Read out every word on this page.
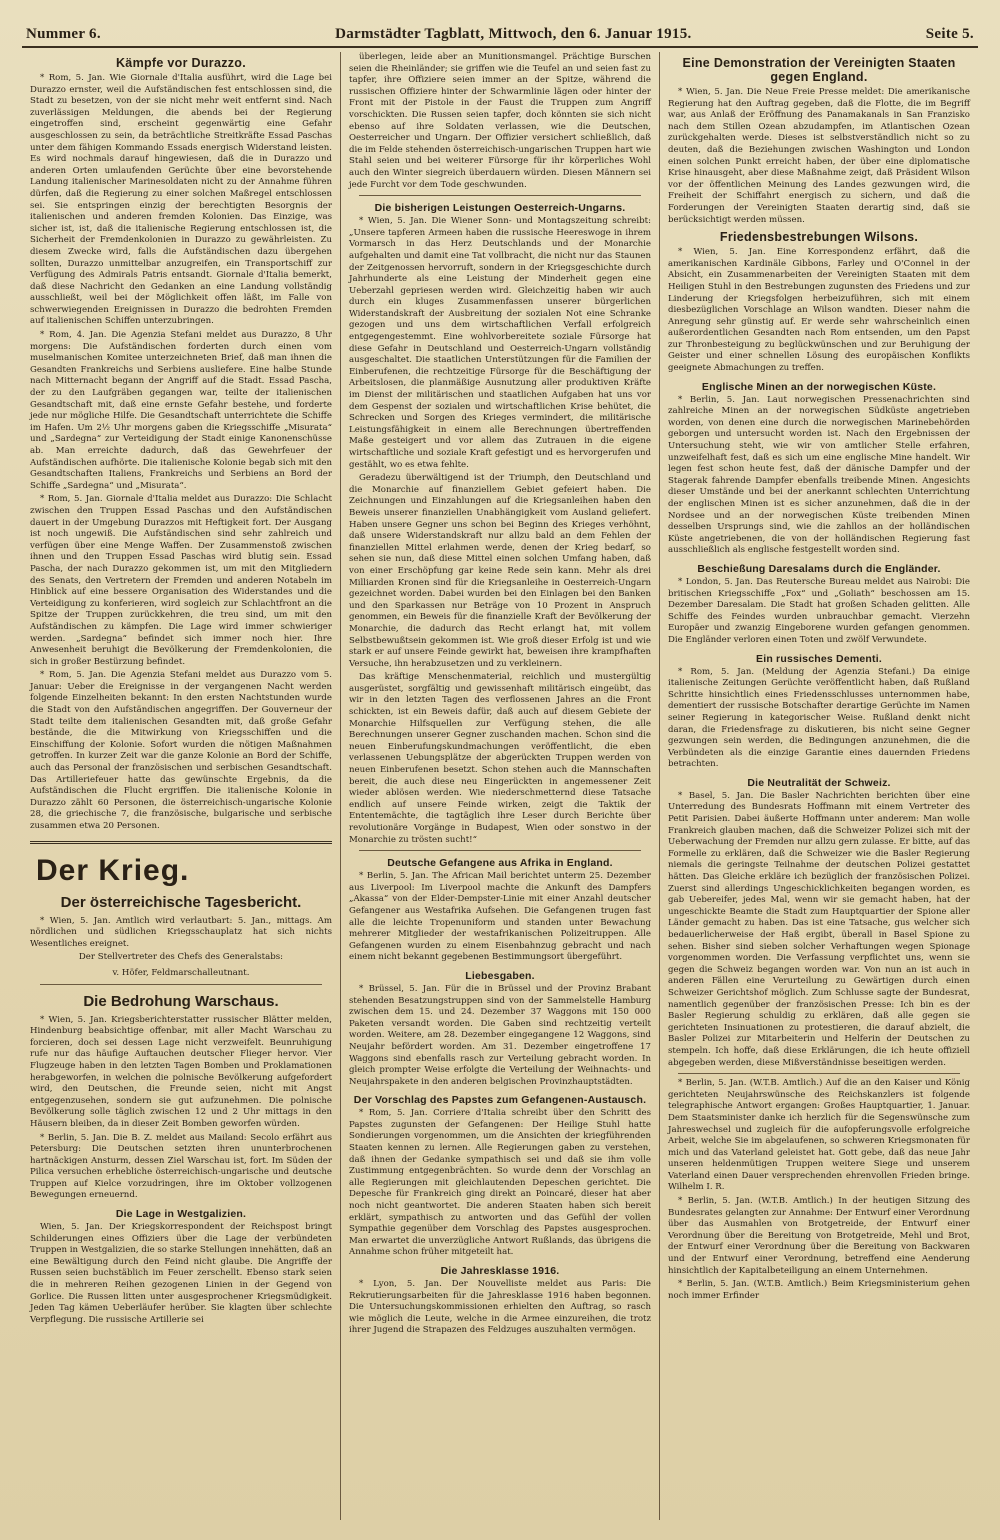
Nummer 6.	Darmstädter Tagblatt, Mittwoch, den 6. Januar 1915.	Seite 5.
Kämpfe vor Durazzo.

* Rom, 5. Jan. Wie Giornale d'Italia ausführt, wird die Lage bei Durazzo ernster, weil die Aufständischen fest entschlossen sind, die Stadt zu besetzen, von der sie nicht mehr weit entfernt sind. Nach zuverlässigen Meldungen, die abends bei der Regierung eingetroffen sind, erscheint gegenwärtig eine Gefahr ausgeschlossen zu sein, da beträchtliche Streitkräfte Essad Paschas unter dem fähigen Kommando Essads energisch Widerstand leisten. Es wird nochmals darauf hingewiesen, daß die in Durazzo und anderen Orten umlaufenden Gerüchte über eine bevorstehende Landung italienischer Marinesoldaten nicht zu der Annahme führen dürfen, daß die Regierung zu einer solchen Maßregel entschlossen sei. Sie entspringen einzig der berechtigten Besorgnis der italienischen und anderen fremden Kolonien. Das Einzige, was sicher ist, ist, daß die italienische Regierung entschlossen ist, die Sicherheit der Fremdenkolonien in Durazzo zu gewährleisten. Zu diesem Zwecke wird, falls die Aufständischen dazu übergehen sollten, Durazzo unmittelbar anzugreifen, ein Transportschiff zur Verfügung des Admirals Patris entsandt. Giornale d'Italia bemerkt, daß diese Nachricht den Gedanken an eine Landung vollständig ausschließt, weil bei der Möglichkeit offen läßt, im Falle von schwerwiegenden Ereignissen in Durazzo die bedrohten Fremden auf italienischen Schiffen unterzubringen.

* Rom, 4. Jan. Die Agenzia Stefani meldet aus Durazzo, 8 Uhr morgens: Die Aufständischen forderten durch einen vom muselmanischen Komitee unterzeichneten Brief, daß man ihnen die Gesandten Frankreichs und Serbiens ausliefere. Eine halbe Stunde nach Mitternacht begann der Angriff auf die Stadt. Essad Pascha, der zu den Laufgräben gegangen war, teilte der italienischen Gesandtschaft mit, daß eine ernste Gefahr bestehe, und forderte jede nur mögliche Hilfe. Die Gesandtschaft unterrichtete die Schiffe im Hafen. Um 2½ Uhr morgens gaben die Kriegsschiffe „Misurata“ und „Sardegna“ zur Verteidigung der Stadt einige Kanonenschüsse ab. Man erreichte dadurch, daß das Gewehrfeuer der Aufständischen aufhörte. Die italienische Kolonie begab sich mit den Gesandtschaften Italiens, Frankreichs und Serbiens an Bord der Schiffe „Sardegna“ und „Misurata“.

* Rom, 5. Jan. Giornale d'Italia meldet aus Durazzo: Die Schlacht zwischen den Truppen Essad Paschas und den Aufständischen dauert in der Umgebung Durazzos mit Heftigkeit fort. Der Ausgang ist noch ungewiß. Die Aufständischen sind sehr zahlreich und verfügen über eine Menge Waffen. Der Zusammenstoß zwischen ihnen und den Truppen Essad Paschas wird blutig sein. Essad Pascha, der nach Durazzo gekommen ist, um mit den Mitgliedern des Senats, den Vertretern der Fremden und anderen Notabeln im Hinblick auf eine bessere Organisation des Widerstandes und die Verteidigung zu konferieren, wird sogleich zur Schlachtfront an die Spitze der Truppen zurückkehren, die treu sind, um mit den Aufständischen zu kämpfen. Die Lage wird immer schwieriger werden. „Sardegna“ befindet sich immer noch hier. Ihre Anwesenheit beruhigt die Bevölkerung der Fremdenkolonien, die sich in großer Bestürzung befindet.

* Rom, 5. Jan. Die Agenzia Stefani meldet aus Durazzo vom 5. Januar: Ueber die Ereignisse in der vergangenen Nacht werden folgende Einzelheiten bekannt: In den ersten Nachtstunden wurde die Stadt von den Aufständischen angegriffen. Der Gouverneur der Stadt teilte dem italienischen Gesandten mit, daß große Gefahr bestände, die die Mitwirkung von Kriegsschiffen und die Einschiffung der Kolonie. Sofort wurden die nötigen Maßnahmen getroffen. In kurzer Zeit war die ganze Kolonie an Bord der Schiffe, auch das Personal der französischen und serbischen Gesandtschaft. Das Artilleriefeuer hatte das gewünschte Ergebnis, da die Aufständischen die Flucht ergriffen. Die italienische Kolonie in Durazzo zählt 60 Personen, die österreichisch-ungarische Kolonie 28, die griechische 7, die französische, bulgarische und serbische zusammen etwa 20 Personen.

Der Krieg.
Der österreichische Tagesbericht.

* Wien, 5. Jan. Amtlich wird verlautbart: 5. Jan., mittags. Am nördlichen und südlichen Kriegsschauplatz hat sich nichts Wesentliches ereignet.

Der Stellvertreter des Chefs des Generalstabs:

v. Höfer, Feldmarschalleutnant.

Die Bedrohung Warschaus.

* Wien, 5. Jan. Kriegsberichterstatter russischer Blätter melden, Hindenburg beabsichtige offenbar, mit aller Macht Warschau zu forcieren, doch sei dessen Lage nicht verzweifelt. Beunruhigung rufe nur das häufige Auftauchen deutscher Flieger hervor. Vier Flugzeuge haben in den letzten Tagen Bomben und Proklamationen herabgeworfen, in welchen die polnische Bevölkerung aufgefordert wird, den Deutschen, die Freunde seien, nicht mit Angst entgegenzusehen, sondern sie gut aufzunehmen. Die polnische Bevölkerung solle täglich zwischen 12 und 2 Uhr mittags in den Häusern bleiben, da in dieser Zeit Bomben geworfen würden.

* Berlin, 5. Jan. Die B. Z. meldet aus Mailand: Secolo erfährt aus Petersburg: Die Deutschen setzten ihren ununterbrochenen hartnäckigen Ansturm, dessen Ziel Warschau ist, fort. Im Süden der Pilica versuchen erhebliche österreichisch-ungarische und deutsche Truppen auf Kielce vorzudringen, ihre im Oktober vollzogenen Bewegungen erneuernd.

Die Lage in Westgalizien.

Wien, 5. Jan. Der Kriegskorrespondent der Reichspost bringt Schilderungen eines Offiziers über die Lage der verbündeten Truppen in Westgalizien, die so starke Stellungen innehätten, daß an eine Bewältigung durch den Feind nicht glaube. Die Angriffe der Russen seien buchstäblich im Feuer zerschellt. Ebenso stark seien die in mehreren Reihen gezogenen Linien in der Gegend von Gorlice. Die Russen litten unter ausgesprochener Kriegsmüdigkeit. Jeden Tag kämen Ueberläufer herüber. Sie klagten über schlechte Verpflegung. Die russische Artillerie sei

überlegen, leide aber an Munitionsmangel. Prächtige Burschen seien die Rheinländer; sie griffen wie die Teufel an und seien fast zu tapfer, ihre Offiziere seien immer an der Spitze, während die russischen Offiziere hinter der Schwarmlinie lägen oder hinter der Front mit der Pistole in der Faust die Truppen zum Angriff vorschickten. Die Russen seien tapfer, doch könnten sie sich nicht ebenso auf ihre Soldaten verlassen, wie die Deutschen, Oesterreicher und Ungarn. Der Offizier versichert schließlich, daß die im Felde stehenden österreichisch-ungarischen Truppen hart wie Stahl seien und bei weiterer Fürsorge für ihr körperliches Wohl auch den Winter siegreich überdauern würden. Diesen Männern sei jede Furcht vor dem Tode geschwunden.

Die bisherigen Leistungen Oesterreich-Ungarns.

* Wien, 5. Jan. Die Wiener Sonn- und Montagszeitung schreibt: „Unsere tapferen Armeen haben die russische Heereswoge in ihrem Vormarsch in das Herz Deutschlands und der Monarchie aufgehalten und damit eine Tat vollbracht, die nicht nur das Staunen der Zeitgenossen hervorruft, sondern in der Kriegsgeschichte durch Jahrhunderte als eine Leistung der Minderheit gegen eine Ueberzahl gepriesen werden wird. Gleichzeitig haben wir auch durch ein kluges Zusammenfassen unserer bürgerlichen Widerstandskraft der Ausbreitung der sozialen Not eine Schranke gezogen und uns dem wirtschaftlichen Verfall erfolgreich entgegengestemmt. Eine wohlvorbereitete soziale Fürsorge hat diese Gefahr in Deutschland und Oesterreich-Ungarn vollständig ausgeschaltet. Die staatlichen Unterstützungen für die Familien der Einberufenen, die rechtzeitige Fürsorge für die Beschäftigung der Arbeitslosen, die planmäßige Ausnutzung aller produktiven Kräfte im Dienst der militärischen und staatlichen Aufgaben hat uns vor dem Gespenst der sozialen und wirtschaftlichen Krise behütet, die Schrecken und Sorgen des Krieges vermindert, die militärische Leistungsfähigkeit in einem alle Berechnungen übertreffenden Maße gesteigert und vor allem das Zutrauen in die eigene wirtschaftliche und soziale Kraft gefestigt und es hervorgerufen und gestählt, wo es etwa fehlte.

Geradezu überwältigend ist der Triumph, den Deutschland und die Monarchie auf finanziellem Gebiet gefeiert haben. Die Zeichnungen und Einzahlungen auf die Kriegsanleihen haben den Beweis unserer finanziellen Unabhängigkeit vom Ausland geliefert. Haben unsere Gegner uns schon bei Beginn des Krieges verhöhnt, daß unsere Widerstandskraft nur allzu bald an dem Fehlen der finanziellen Mittel erlahmen werde, denen der Krieg bedarf, so sehen sie nun, daß diese Mittel einen solchen Umfang haben, daß von einer Erschöpfung gar keine Rede sein kann. Mehr als drei Milliarden Kronen sind für die Kriegsanleihe in Oesterreich-Ungarn gezeichnet worden. Dabei wurden bei den Einlagen bei den Banken und den Sparkassen nur Beträge von 10 Prozent in Anspruch genommen, ein Beweis für die finanzielle Kraft der Bevölkerung der Monarchie, die dadurch das Recht erlangt hat, mit vollem Selbstbewußtsein gekommen ist. Wie groß dieser Erfolg ist und wie stark er auf unsere Feinde gewirkt hat, beweisen ihre krampfhaften Versuche, ihn herabzusetzen und zu verkleinern.

Das kräftige Menschenmaterial, reichlich und mustergültig ausgerüstet, sorgfältig und gewissenhaft militärisch eingeübt, das wir in den letzten Tagen des verflossenen Jahres an die Front schickten, ist ein Beweis dafür, daß auch auf diesem Gebiete der Monarchie Hilfsquellen zur Verfügung stehen, die alle Berechnungen unserer Gegner zuschanden machen. Schon sind die neuen Einberufungskundmachungen veröffentlicht, die eben verlassenen Uebungsplätze der abgerückten Truppen werden von neuen Einberufenen besetzt. Schon stehen auch die Mannschaften bereit, die auch diese neu Eingerückten in angemessener Zeit wieder ablösen werden. Wie niederschmetternd diese Tatsache endlich auf unsere Feinde wirken, zeigt die Taktik der Ententemächte, die tagtäglich ihre Leser durch Berichte über revolutionäre Vorgänge in Budapest, Wien oder sonstwo in der Monarchie zu trösten sucht!“

Deutsche Gefangene aus Afrika in England.

* Berlin, 5. Jan. The African Mail berichtet unterm 25. Dezember aus Liverpool: Im Liverpool machte die Ankunft des Dampfers „Akassa“ von der Elder-Dempster-Linie mit einer Anzahl deutscher Gefangener aus Westafrika Aufsehen. Die Gefangenen trugen fast alle die leichte Tropenuniform und standen unter Bewachung mehrerer Mitglieder der westafrikanischen Polizeitruppen. Alle Gefangenen wurden zu einem Eisenbahnzug gebracht und nach einem nicht bekannt gegebenen Bestimmungsort übergeführt.

Liebesgaben.

* Brüssel, 5. Jan. Für die in Brüssel und der Provinz Brabant stehenden Besatzungstruppen sind von der Sammelstelle Hamburg zwischen dem 15. und 24. Dezember 37 Waggons mit 150 000 Paketen versandt worden. Die Gaben sind rechtzeitig verteilt worden. Weitere, am 28. Dezember eingegangene 12 Waggons, sind Neujahr befördert worden. Am 31. Dezember eingetroffene 17 Waggons sind ebenfalls rasch zur Verteilung gebracht worden. In gleich prompter Weise erfolgte die Verteilung der Weihnachts- und Neujahrspakete in den anderen belgischen Provinzhauptstädten.

Der Vorschlag des Papstes zum Gefangenen-Austausch.

* Rom, 5. Jan. Corriere d'Italia schreibt über den Schritt des Papstes zugunsten der Gefangenen: Der Heilige Stuhl hatte Sondierungen vorgenommen, um die Ansichten der kriegführenden Staaten kennen zu lernen. Alle Regierungen gaben zu verstehen, daß ihnen der Gedanke sympathisch sei und daß sie ihm volle Zustimmung entgegenbrächten. So wurde denn der Vorschlag an alle Regierungen mit gleichlautenden Depeschen gerichtet. Die Depesche für Frankreich ging direkt an Poincaré, dieser hat aber noch nicht geantwortet. Die anderen Staaten haben sich bereit erklärt, sympathisch zu antworten und das Gefühl der vollen Sympathie gegenüber dem Vorschlag des Papstes ausgesprochen. Man erwartet die unverzügliche Antwort Rußlands, das übrigens die Annahme schon früher mitgeteilt hat.

Die Jahresklasse 1916.

* Lyon, 5. Jan. Der Nouvelliste meldet aus Paris: Die Rekrutierungsarbeiten für die Jahresklasse 1916 haben begonnen. Die Untersuchungskommissionen erhielten den Auftrag, so rasch wie möglich die Leute, welche in die Armee einzureihen, die trotz ihrer Jugend die Strapazen des Feldzuges auszuhalten vermögen.

Eine Demonstration der Vereinigten Staaten gegen England.

* Wien, 5. Jan. Die Neue Freie Presse meldet: Die amerikanische Regierung hat den Auftrag gegeben, daß die Flotte, die im Begriff war, aus Anlaß der Eröffnung des Panamakanals in San Franzisko nach dem Stillen Ozean abzudampfen, im Atlantischen Ozean zurückgehalten werde. Dieses ist selbstverständlich nicht so zu deuten, daß die Beziehungen zwischen Washington und London einen solchen Punkt erreicht haben, der über eine diplomatische Krise hinausgeht, aber diese Maßnahme zeigt, daß Präsident Wilson vor der öffentlichen Meinung des Landes gezwungen wird, die Freiheit der Schiffahrt energisch zu sichern, und daß die Forderungen der Vereinigten Staaten derartig sind, daß sie berücksichtigt werden müssen.

Friedensbestrebungen Wilsons.

* Wien, 5. Jan. Eine Korrespondenz erfährt, daß die amerikanischen Kardinäle Gibbons, Farley und O'Connel in der Absicht, ein Zusammenarbeiten der Vereinigten Staaten mit dem Heiligen Stuhl in den Bestrebungen zugunsten des Friedens und zur Linderung der Kriegsfolgen herbeizuführen, sich mit einem diesbezüglichen Vorschlage an Wilson wandten. Dieser nahm die Anregung sehr günstig auf. Er werde sehr wahrscheinlich einen außerordentlichen Gesandten nach Rom entsenden, um den Papst zur Thronbesteigung zu beglückwünschen und zur Beruhigung der Geister und einer schnellen Lösung des europäischen Konflikts geeignete Abmachungen zu treffen.

Englische Minen an der norwegischen Küste.

* Berlin, 5. Jan. Laut norwegischen Pressenachrichten sind zahlreiche Minen an der norwegischen Südküste angetrieben worden, von denen eine durch die norwegischen Marinebehörden geborgen und untersucht worden ist. Nach den Ergebnissen der Untersuchung steht, wie wir von amtlicher Stelle erfahren, unzweifelhaft fest, daß es sich um eine englische Mine handelt. Wir legen fest schon heute fest, daß der dänische Dampfer und der Stagerak fahrende Dampfer ebenfalls treibende Minen. Angesichts dieser Umstände und bei der anerkannt schlechten Unterrichtung der englischen Minen ist es sicher anzunehmen, daß die in der Nordsee und an der norwegischen Küste treibenden Minen desselben Ursprungs sind, wie die zahllos an der holländischen Küste angetriebenen, die von der holländischen Regierung fast ausschließlich als englische festgestellt worden sind.

Beschießung Daresalams durch die Engländer.

* London, 5. Jan. Das Reutersche Bureau meldet aus Nairobi: Die britischen Kriegsschiffe „Fox“ und „Goliath“ beschossen am 15. Dezember Daresalam. Die Stadt hat großen Schaden gelitten. Alle Schiffe des Feindes wurden unbrauchbar gemacht. Vierzehn Europäer und zwanzig Eingeborene wurden gefangen genommen. Die Engländer verloren einen Toten und zwölf Verwundete.

Ein russisches Dementi.

* Rom, 5. Jan. (Meldung der Agenzia Stefani.) Da einige italienische Zeitungen Gerüchte veröffentlicht haben, daß Rußland Schritte hinsichtlich eines Friedensschlusses unternommen habe, dementiert der russische Botschafter derartige Gerüchte im Namen seiner Regierung in kategorischer Weise. Rußland denkt nicht daran, die Friedensfrage zu diskutieren, bis nicht seine Gegner gezwungen sein werden, die Bedingungen anzunehmen, die die Verbündeten als die einzige Garantie eines dauernden Friedens betrachten.

Die Neutralität der Schweiz.

* Basel, 5. Jan. Die Basler Nachrichten berichten über eine Unterredung des Bundesrats Hoffmann mit einem Vertreter des Petit Parisien. Dabei äußerte Hoffmann unter anderem: Man wolle Frankreich glauben machen, daß die Schweizer Polizei sich mit der Ueberwachung der Fremden nur allzu gern zulasse. Er bitte, auf das Formelle zu erklären, daß die Schweizer wie die Basler Regierung niemals die geringste Teilnahme der deutschen Polizei gestattet hätten. Das Gleiche erkläre ich bezüglich der französischen Polizei. Zuerst sind allerdings Ungeschicklichkeiten begangen worden, es gab Uebereifer, jedes Mal, wenn wir sie gemacht haben, hat der ungeschickte Beamte die Stadt zum Hauptquartier der Spione aller Länder gemacht zu haben. Das ist eine Tatsache, gus welcher sich bedauerlicherweise der Haß ergibt, überall in Basel Spione zu sehen. Bisher sind sieben solcher Verhaftungen wegen Spionage vorgenommen worden. Die Verfassung verpflichtet uns, wenn sie gegen die Schweiz begangen worden war. Von nun an ist auch in anderen Fällen eine Verurteilung zu Gewärtigen durch einen Schweizer Gerichtshof möglich. Zum Schlusse sagte der Bundesrat, namentlich gegenüber der französischen Presse: Ich bin es der Basler Regierung schuldig zu erklären, daß alle gegen sie gerichteten Insinuationen zu protestieren, die darauf abzielt, die Basler Polizei zur Mitarbeiterin und Helferin der Deutschen zu stempeln. Ich hoffe, daß diese Erklärungen, die ich heute offiziell abgegeben werden, diese Mißverständnisse beseitigen werden.

* Berlin, 5. Jan. (W.T.B. Amtlich.) Auf die an den Kaiser und König gerichteten Neujahrswünsche des Reichskanzlers ist folgende telegraphische Antwort ergangen: Großes Hauptquartier, 1. Januar. Dem Staatsminister danke ich herzlich für die Segenswünsche zum Jahreswechsel und zugleich für die aufopferungsvolle erfolgreiche Arbeit, welche Sie im abgelaufenen, so schweren Kriegsmonaten für mich und das Vaterland geleistet hat. Gott gebe, daß das neue Jahr unseren heldenmütigen Truppen weitere Siege und unserem Vaterland einen Dauer versprechenden ehrenvollen Frieden bringe. Wilhelm I. R.

* Berlin, 5. Jan. (W.T.B. Amtlich.) In der heutigen Sitzung des Bundesrates gelangten zur Annahme: Der Entwurf einer Verordnung über das Ausmahlen von Brotgetreide, der Entwurf einer Verordnung über die Bereitung von Brotgetreide, Mehl und Brot, der Entwurf einer Verordnung über die Bereitung von Backwaren und der Entwurf einer Verordnung, betreffend eine Aenderung hinsichtlich der Kapitalbeteiligung an einem Unternehmen.

* Berlin, 5. Jan. (W.T.B. Amtlich.) Beim Kriegsministerium gehen noch immer Erfinder
